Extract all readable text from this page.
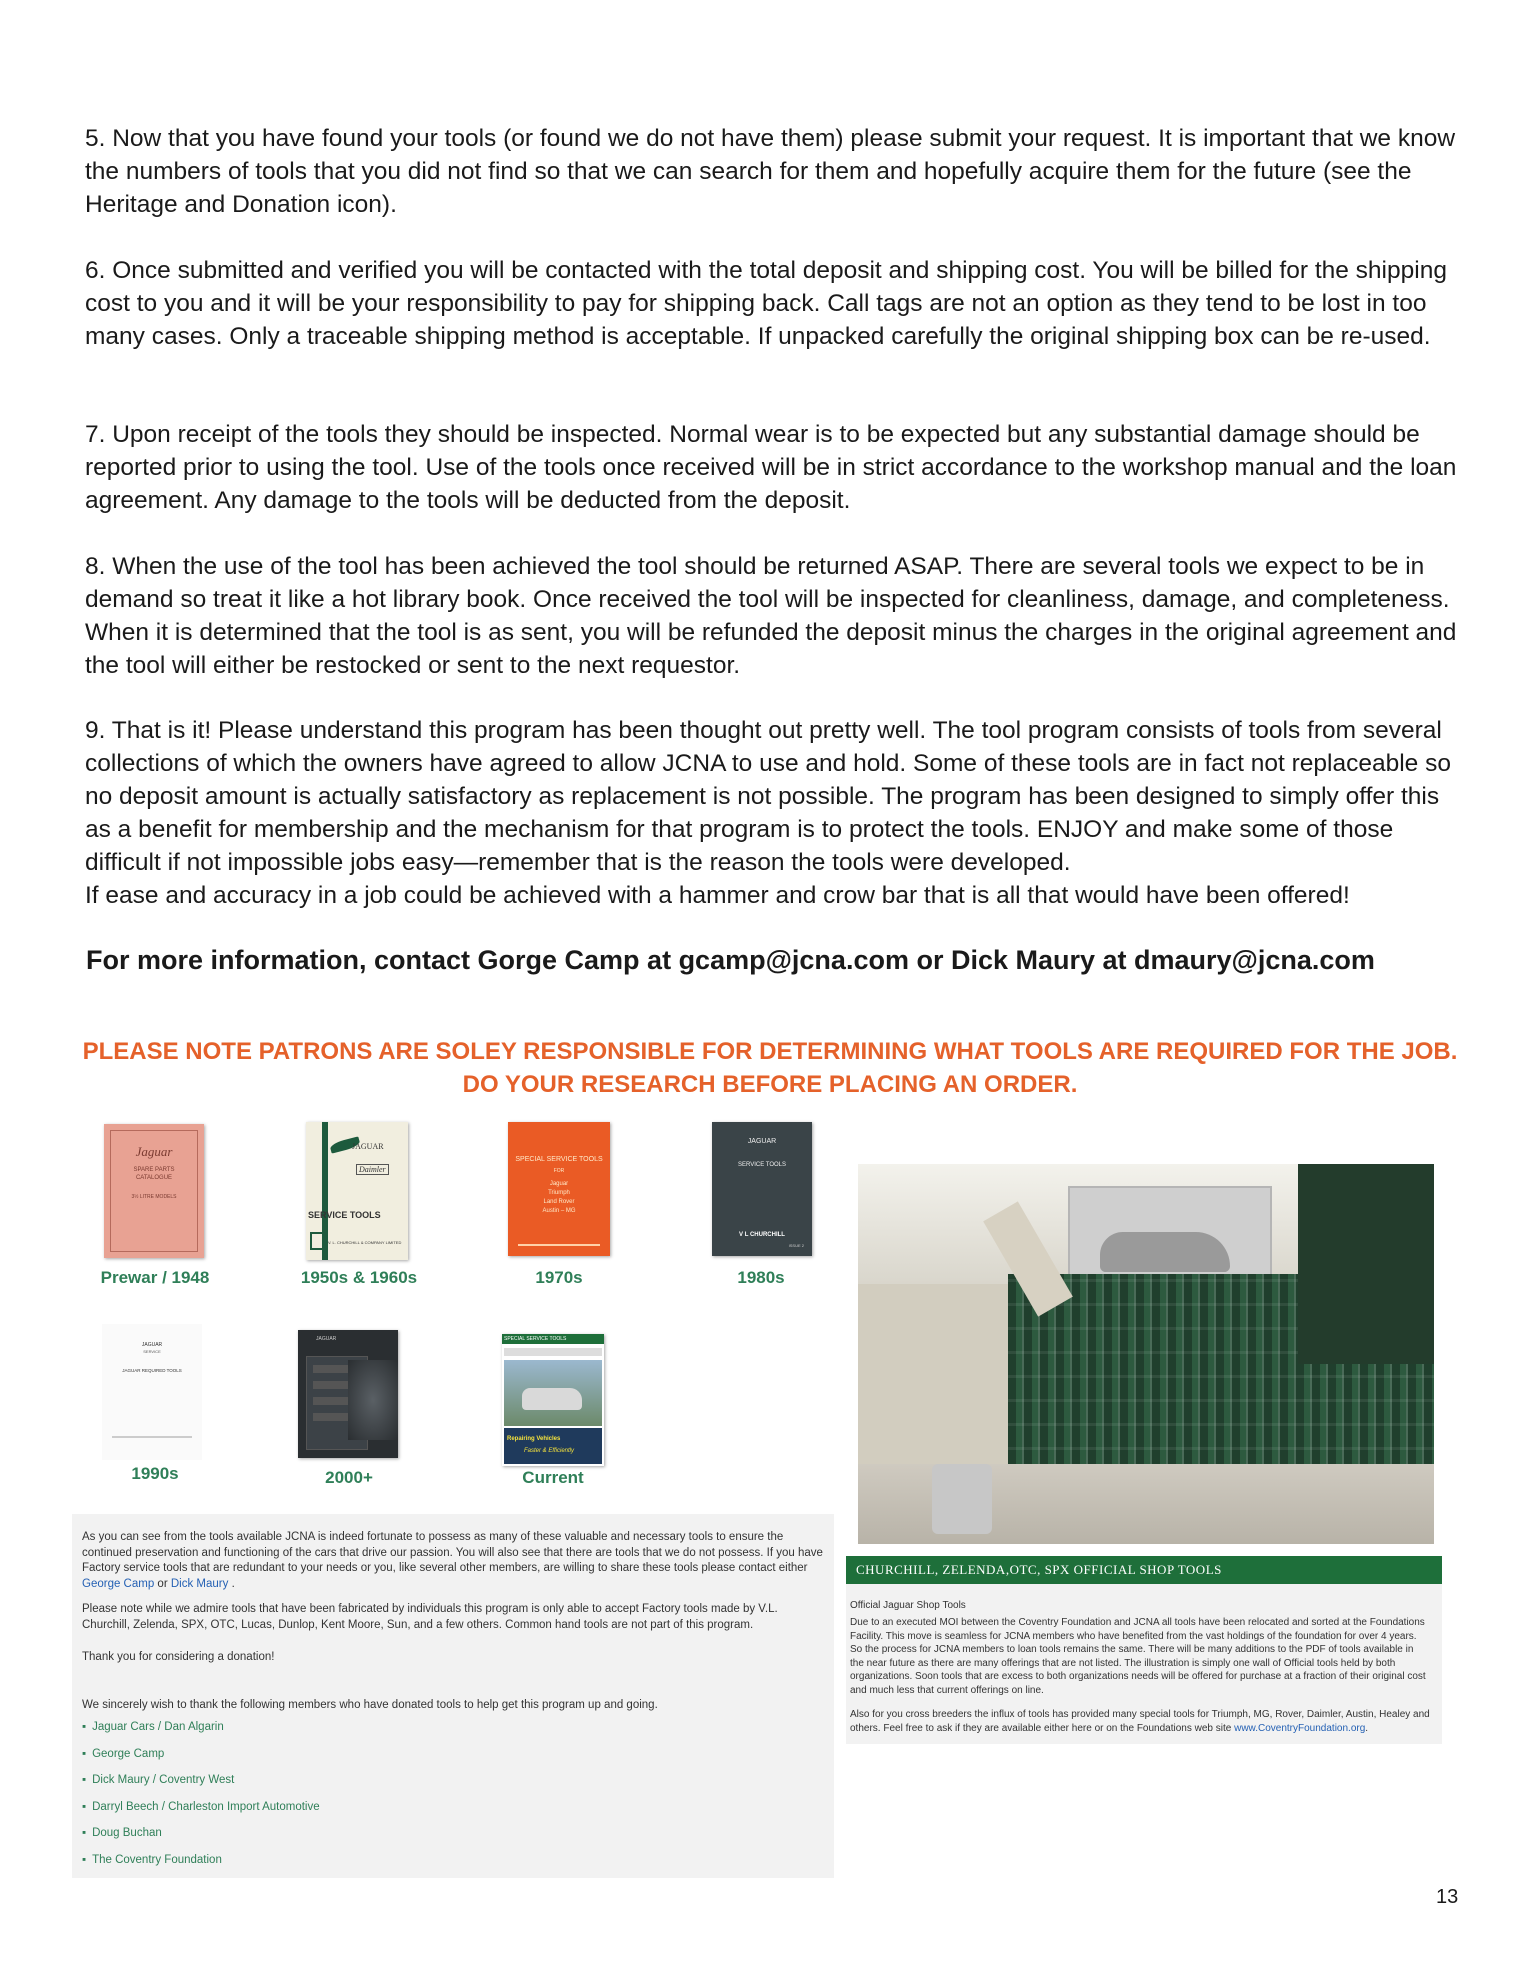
5. Now that you have found your tools (or found we do not have them) please submit your request. It is important that we know the numbers of tools that you did not find so that we can search for them and hopefully acquire them for the future (see the Heritage and Donation icon).

6. Once submitted and verified you will be contacted with the total deposit and shipping cost. You will be billed for the shipping cost to you and it will be your responsibility to pay for shipping back. Call tags are not an option as they tend to be lost in too many cases. Only a traceable shipping method is acceptable. If unpacked carefully the original shipping box can be re-used.

7. Upon receipt of the tools they should be inspected. Normal wear is to be expected but any substantial damage should be reported prior to using the tool. Use of the tools once received will be in strict accordance to the workshop manual and the loan agreement. Any damage to the tools will be deducted from the deposit.

8. When the use of the tool has been achieved the tool should be returned ASAP. There are several tools we expect to be in demand so treat it like a hot library book. Once received the tool will be inspected for cleanliness, damage, and completeness. When it is determined that the tool is as sent, you will be refunded the deposit minus the charges in the original agreement and the tool will either be restocked or sent to the next requestor.

9. That is it! Please understand this program has been thought out pretty well. The tool program consists of tools from several collections of which the owners have agreed to allow JCNA to use and hold. Some of these tools are in fact not replaceable so no deposit amount is actually satisfactory as replacement is not possible. The program has been designed to simply offer this as a benefit for membership and the mechanism for that program is to protect the tools. ENJOY and make some of those difficult if not impossible jobs easy—remember that is the reason the tools were developed.
If ease and accuracy in a job could be achieved with a hammer and crow bar that is all that would have been offered!
For more information, contact Gorge Camp at gcamp@jcna.com or Dick Maury at dmaury@jcna.com
PLEASE NOTE PATRONS ARE SOLEY RESPONSIBLE FOR DETERMINING WHAT TOOLS ARE REQUIRED FOR THE JOB.
DO YOUR RESEARCH BEFORE PLACING AN ORDER.
Jaguar
SPARE PARTS CATALOGUE
3½ LITRE MODELS
Prewar / 1948
JAGUAR
Daimler
SERVICE TOOLS
V. L. CHURCHILL & COMPANY LIMITED
1950s & 1960s
SPECIAL SERVICE TOOLS
FOR
Jaguar
Triumph
Land Rover
Austin – MG
1970s
JAGUAR
SERVICE TOOLS
V L CHURCHILL
ISSUE 2
1980s
JAGUAR
SERVICE
JAGUAR REQUIRED TOOLS
1990s
JAGUAR
2000+
SPECIAL SERVICE TOOLS
Repairing Vehicles
Faster & Efficiently
Current

As you can see from the tools available JCNA is indeed fortunate to possess as many of these valuable and necessary tools to ensure the continued preservation and functioning of the cars that drive our passion. You will also see that there are tools that we do not possess. If you have Factory service tools that are redundant to your needs or you, like several other members, are willing to share these tools please contact either George Camp or Dick Maury .

Please note while we admire tools that have been fabricated by individuals this program is only able to accept Factory tools made by V.L. Churchill, Zelenda, SPX, OTC, Lucas, Dunlop, Kent Moore, Sun, and a few others. Common hand tools are not part of this program.

Thank you for considering a donation!

We sincerely wish to thank the following members who have donated tools to help get this program up and going.

▪ Jaguar Cars / Dan Algarin
▪ George Camp
▪ Dick Maury / Coventry West
▪ Darryl Beech / Charleston Import Automotive
▪ Doug Buchan
▪ The Coventry Foundation
CHURCHILL, ZELENDA,OTC, SPX OFFICIAL SHOP TOOLS

Official Jaguar Shop Tools

Due to an executed MOI between the Coventry Foundation and JCNA all tools have been relocated and sorted at the Foundations Facility. This move is seamless for JCNA members who have benefited from the vast holdings of the foundation for over 4 years. So the process for JCNA members to loan tools remains the same. There will be many additions to the PDF of tools available in the near future as there are many offerings that are not listed. The illustration is simply one wall of Official tools held by both organizations. Soon tools that are excess to both organizations needs will be offered for purchase at a fraction of their original cost and much less that current offerings on line.

Also for you cross breeders the influx of tools has provided many special tools for Triumph, MG, Rover, Daimler, Austin, Healey and others. Feel free to ask if they are available either here or on the Foundations web site www.CoventryFoundation.org.

13
